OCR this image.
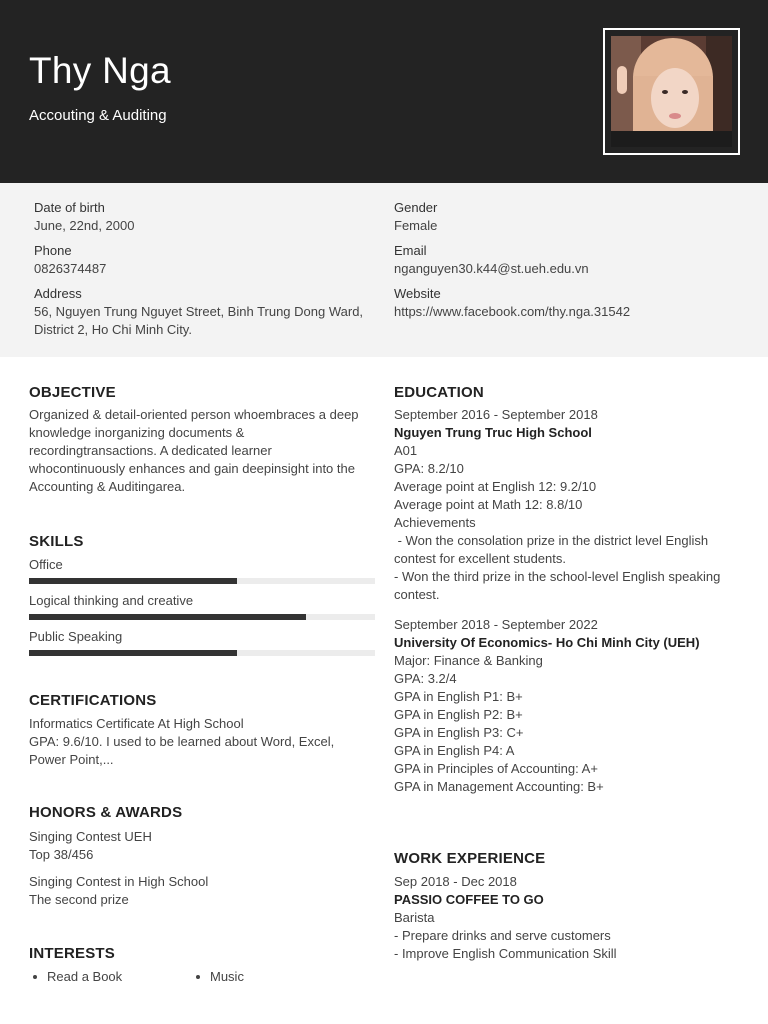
Thy Nga
Accouting & Auditing
Date of birth
June, 22nd, 2000
Phone
0826374487
Address
56, Nguyen Trung Nguyet Street, Binh Trung Dong Ward,
District 2, Ho Chi Minh City.
Gender
Female
Email
nganguyen30.k44@st.ueh.edu.vn
Website
https://www.facebook.com/thy.nga.31542
OBJECTIVE
Organized & detail-oriented person whoembraces a deep
knowledge inorganizing documents &
recordingtransactions. A dedicated learner
whocontinuously enhances and gain deepinsight into the
Accounting & Auditingarea.
SKILLS
Office
Logical thinking and creative
Public Speaking
CERTIFICATIONS
Informatics Certificate At High School
GPA: 9.6/10. I used to be learned about Word, Excel,
Power Point,...
HONORS & AWARDS
Singing Contest UEH
Top 38/456
Singing Contest in High School
The second prize
INTERESTS
Read a Book	Music
EDUCATION
September 2016 - September 2018
Nguyen Trung Truc High School
A01
GPA: 8.2/10
Average point at English 12: 9.2/10
Average point at Math 12: 8.8/10
Achievements
- Won the consolation prize in the district level English
contest for excellent students.
- Won the third prize in the school-level English speaking
contest.
September 2018 - September 2022
University Of Economics- Ho Chi Minh City (UEH)
Major: Finance & Banking
GPA: 3.2/4
GPA in English P1: B+
GPA in English P2: B+
GPA in English P3: C+
GPA in English P4: A
GPA in Principles of Accounting: A+
GPA in Management Accounting: B+
WORK EXPERIENCE
Sep 2018 - Dec 2018
PASSIO COFFEE TO GO
Barista
- Prepare drinks and serve customers
- Improve English Communication Skill
